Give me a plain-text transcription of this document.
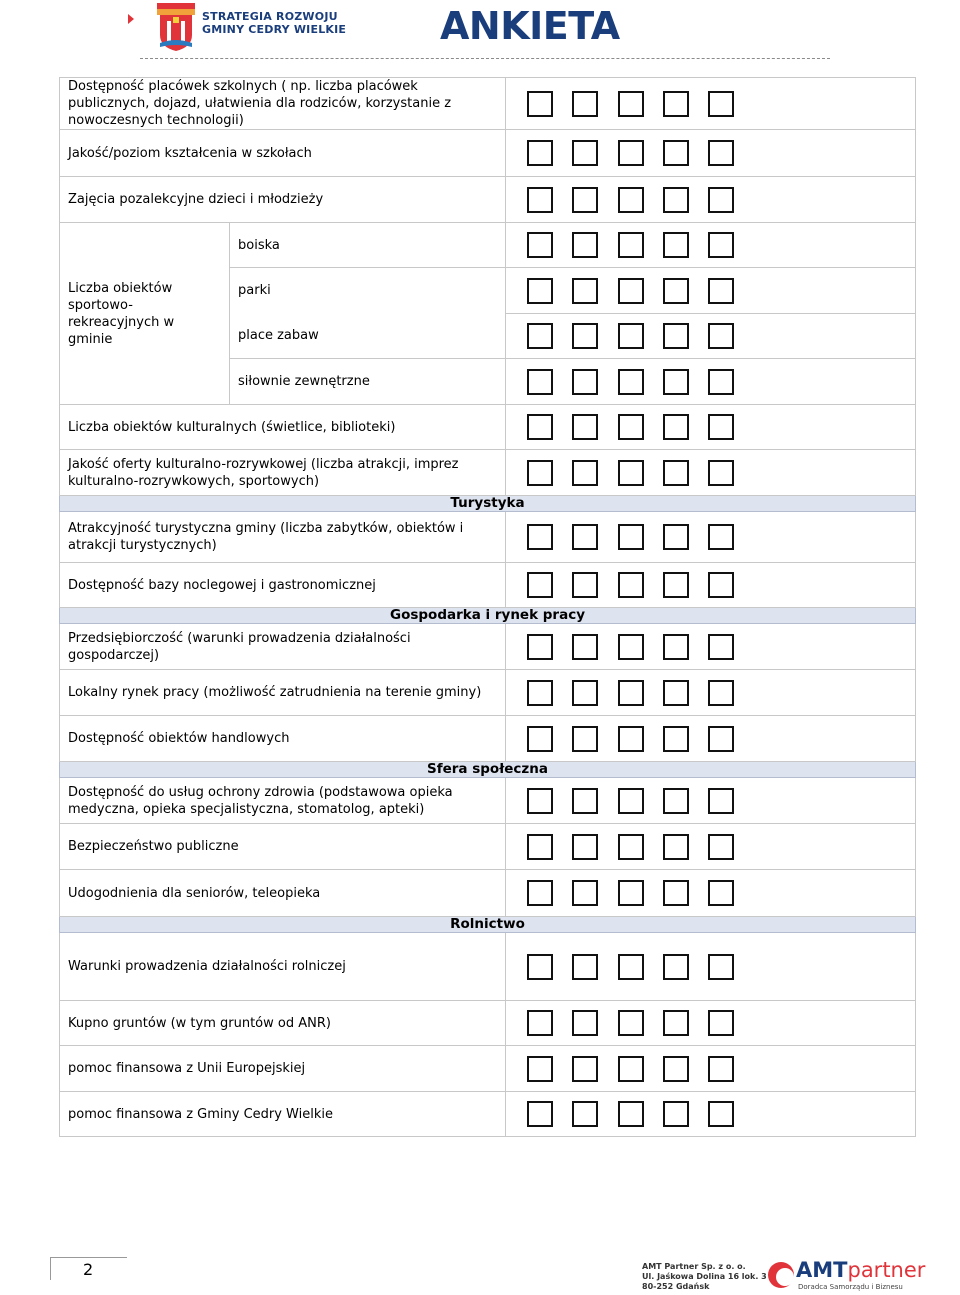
STRATEGIA ROZWOJU
GMINY CEDRY WIELKIE ANKIETA
Dostępność placówek szkolnych ( np. liczba placówek publicznych, dojazd, ułatwienia dla rodziców, korzystanie z nowoczesnych technologii)		

Jakość/poziom kształcenia w szkołach		

Zajęcia pozalekcyjne dzieci i młodzieży		

Liczba obiektów sportowo-rekreacyjnych w gminie	boiska	

	parki	

	place zabaw	

	siłownie zewnętrzne	

Liczba obiektów kulturalnych (świetlice, biblioteki)		

Jakość oferty kulturalno-rozrywkowej (liczba atrakcji, imprez kulturalno-rozrywkowych, sportowych)		

Turystyka		
Atrakcyjność turystyczna gminy (liczba zabytków, obiektów i atrakcji turystycznych)		

Dostępność bazy noclegowej i gastronomicznej		

Gospodarka i rynek pracy		
Przedsiębiorczość (warunki prowadzenia działalności gospodarczej)		

Lokalny rynek pracy (możliwość zatrudnienia na terenie gminy)		

Dostępność obiektów handlowych		

Sfera społeczna		
Dostępność do usług ochrony zdrowia (podstawowa opieka medyczna, opieka specjalistyczna, stomatolog, apteki)		

Bezpieczeństwo publiczne		

Udogodnienia dla seniorów, teleopieka		

Rolnictwo		
Warunki prowadzenia działalności rolniczej		

Kupno gruntów (w tym gruntów od ANR)		

pomoc finansowa z Unii Europejskiej		

pomoc finansowa z Gminy Cedry Wielkie		
2	AMT Partner Sp. z o. o.
Ul. Jaśkowa Dolina 16 lok. 3
80-252 Gdańsk
AMTpartner
Doradca Samorządu i Biznesu
